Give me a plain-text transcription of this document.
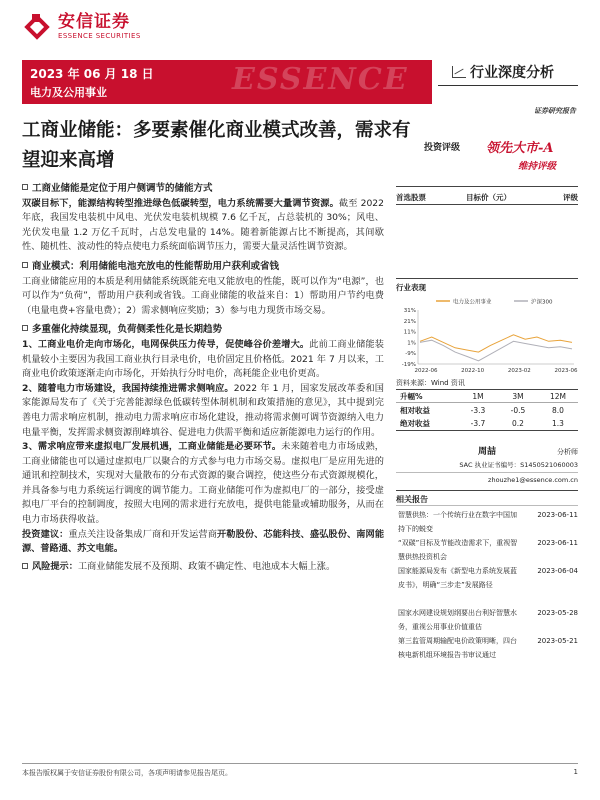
安信证券
ESSENCE SECURITIES
ESSENCE
2023 年 06 月 18 日
电力及公用事业
行业深度分析
证券研究报告
工商业储能：多要素催化商业模式改善，需求有望迎来高增
投资评级 领先大市-A
维持评级
工商业储能是定位于用户侧调节的储能方式
双碳目标下，能源结构转型推进绿色低碳转型，电力系统需要大量调节资源。截至 2022 年底，我国发电装机中风电、光伏发电装机规模 7.6 亿千瓦，占总装机的 30%；风电、光伏发电量 1.2 万亿千瓦时，占总发电量的 14%。随着新能源占比不断提高，其间歇性、随机性、波动性的特点使电力系统面临调节压力，需要大量灵活性调节资源。
商业模式：利用储能电池充放电的性能帮助用户获利或省钱
工商业储能应用的本质是利用储能系统既能充电又能放电的性能，既可以作为“电源”，也可以作为“负荷”，帮助用户获利或省钱。工商业储能的收益来自：1）帮助用户节约电费（电量电费+容量电费）；2）需求侧响应奖励；3）参与电力现货市场交易。
多重催化持续显现，负荷侧柔性化是长期趋势
1、工商业电价走向市场化，电网保供压力传导，促使峰谷价差增大。此前工商业储能装机量较小主要因为我国工商业执行目录电价，电价固定且价格低。2021 年 7 月以来，工商业电价政策逐渐走向市场化，开始执行分时电价，高耗能企业电价更高。
2、随着电力市场建设，我国持续推进需求侧响应。2022 年 1 月，国家发展改革委和国家能源局发布了《关于完善能源绿色低碳转型体制机制和政策措施的意见》，其中提到完善电力需求响应机制，推动电力需求响应市场化建设，推动将需求侧可调节资源纳入电力电量平衡，发挥需求侧资源削峰填谷、促进电力供需平衡和适应新能源电力运行的作用。
3、需求响应带来虚拟电厂发展机遇，工商业储能是必要环节。未来随着电力市场成熟，工商业储能也可以通过虚拟电厂以聚合的方式参与电力市场交易。虚拟电厂是应用先进的通讯和控制技术，实现对大量散布的分布式资源的聚合调控，使这些分布式资源规模化，并具备参与电力系统运行调度的调节能力。工商业储能可作为虚拟电厂的一部分，接受虚拟电厂平台的控制调度，按照大电网的需求进行充放电，提供电能量或辅助服务，从而在电力市场获得收益。
投资建议：重点关注设备集成厂商和开发运营商开勒股份、芯能科技、盛弘股份、南网能源、普路通、苏文电能。
风险提示：工商业储能发展不及预期、政策不确定性、电池成本大幅上涨。
首选股票	目标价（元）	评级
行业表现
电力及公用事业	沪深300
31%
21%
11%
1%
-9%
-19%
2022-06	2022-10	2023-02	2023-06
资料来源：Wind 资讯
升幅%	1M	3M	12M
相对收益	-3.3	-0.5	8.0
绝对收益	-3.7	0.2	1.3
周喆	分析师
SAC 执业证书编号：S1450521060003
zhouzhe1@essence.com.cn
相关报告
智慧供热：一个传统行业在数字中国加持下的蜕变
2023-06-11
“双碳”目标及节能改造需求下，重视智慧供热投资机会
2023-06-11
国家能源局发布《新型电力系统发展蓝皮书》，明确“三步走”发展路径
2023-06-04
国家水网建设规划纲要出台利好智慧水务，重视公用事业价值重估
2023-05-28
第三监管周期输配电价政策明晰，四台核电新机组环境报告书审议通过
2023-05-21
本报告版权属于安信证券股份有限公司，各项声明请参见报告尾页。	1
